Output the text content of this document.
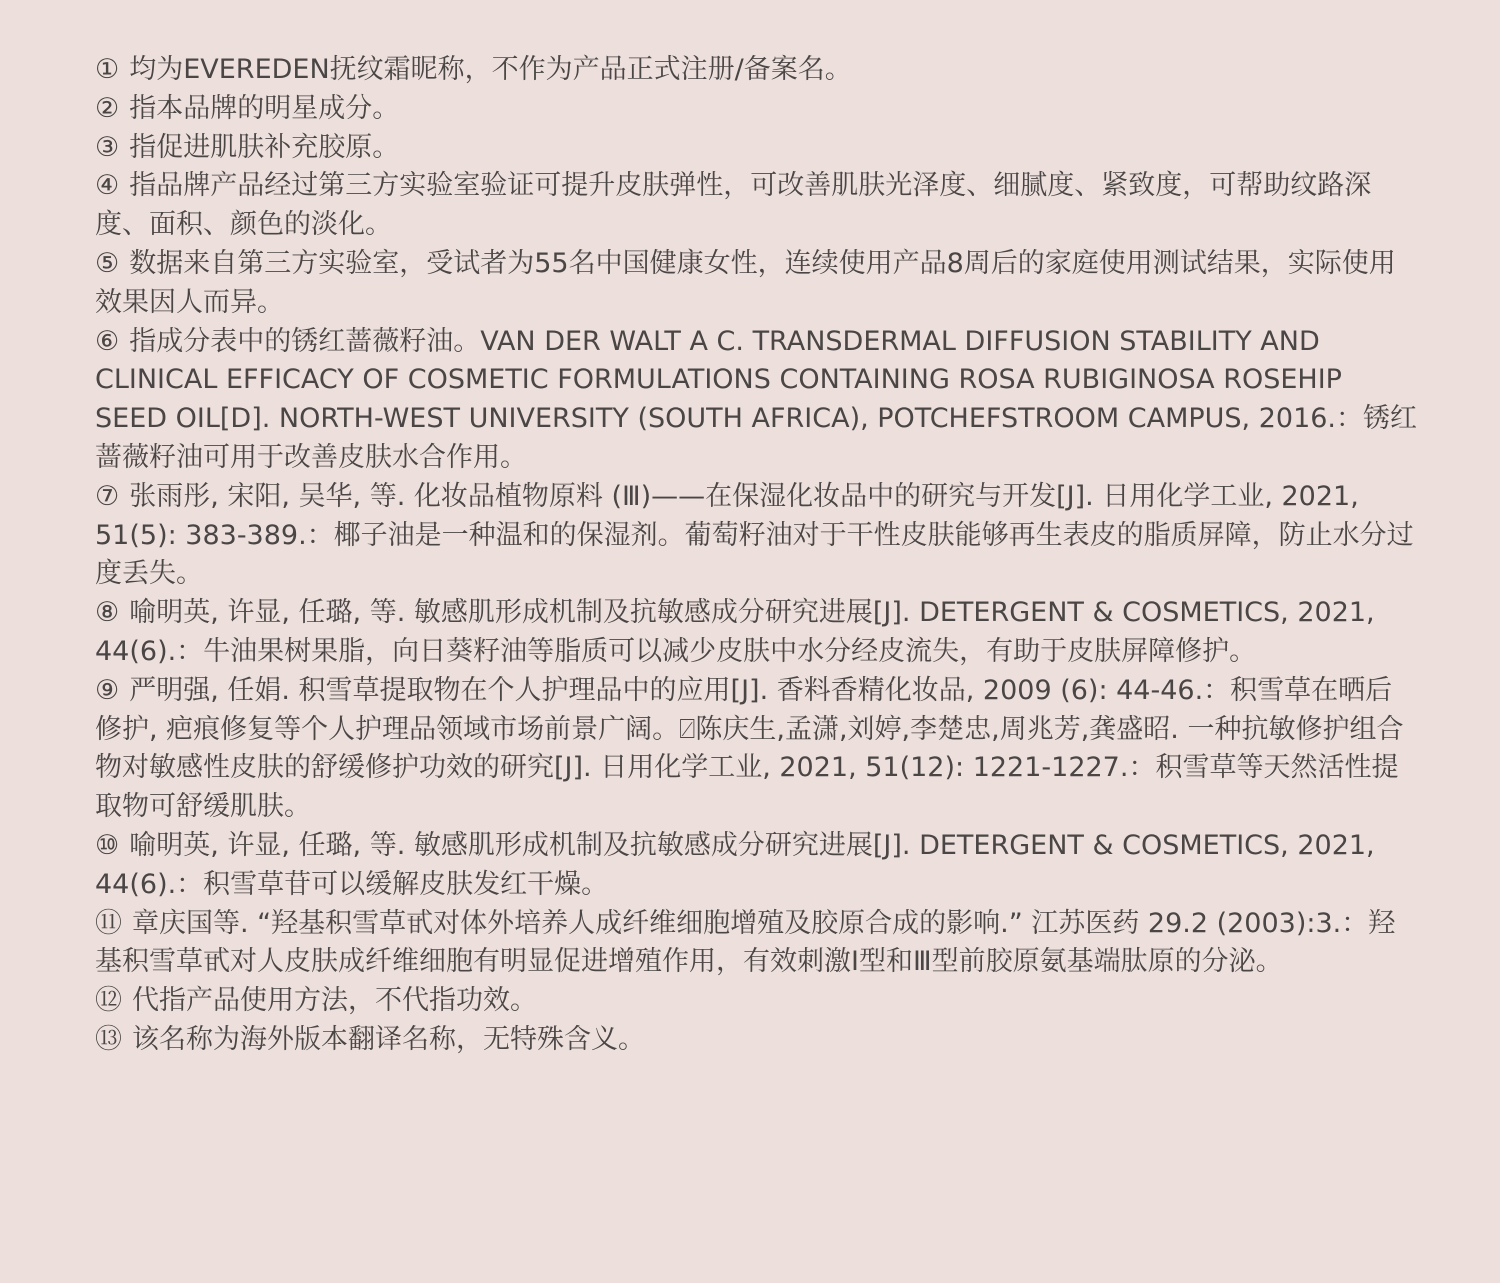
① 均为EVEREDEN抚纹霜昵称，不作为产品正式注册/备案名。
② 指本品牌的明星成分。
③ 指促进肌肤补充胶原。
④ 指品牌产品经过第三方实验室验证可提升皮肤弹性，可改善肌肤光泽度、细腻度、紧致度，可帮助纹路深度、面积、颜色的淡化。
⑤ 数据来自第三方实验室，受试者为55名中国健康女性，连续使用产品8周后的家庭使用测试结果，实际使用效果因人而异。
⑥ 指成分表中的锈红蔷薇籽油。VAN DER WALT A C. TRANSDERMAL DIFFUSION STABILITY AND CLINICAL EFFICACY OF COSMETIC FORMULATIONS CONTAINING ROSA RUBIGINOSA ROSEHIP SEED OIL[D]. NORTH-WEST UNIVERSITY (SOUTH AFRICA), POTCHEFSTROOM CAMPUS, 2016.：锈红蔷薇籽油可用于改善皮肤水合作用。
⑦ 张雨彤, 宋阳, 吴华, 等. 化妆品植物原料 (Ⅲ)——在保湿化妆品中的研究与开发[J]. 日用化学工业, 2021, 51(5): 383-389.：椰子油是一种温和的保湿剂。葡萄籽油对于干性皮肤能够再生表皮的脂质屏障，防止水分过度丢失。
⑧ 喻明英, 许显, 任璐, 等. 敏感肌形成机制及抗敏感成分研究进展[J]. DETERGENT & COSMETICS, 2021, 44(6).：牛油果树果脂，向日葵籽油等脂质可以减少皮肤中水分经皮流失，有助于皮肤屏障修护。
⑨ 严明强, 任娟. 积雪草提取物在个人护理品中的应用[J]. 香料香精化妆品, 2009 (6): 44-46.：积雪草在晒后修护, 疤痕修复等个人护理品领域市场前景广阔。⍁陈庆生,孟潇,刘婷,李楚忠,周兆芳,龚盛昭. 一种抗敏修护组合物对敏感性皮肤的舒缓修护功效的研究[J]. 日用化学工业, 2021, 51(12): 1221-1227.：积雪草等天然活性提取物可舒缓肌肤。
⑩ 喻明英, 许显, 任璐, 等. 敏感肌形成机制及抗敏感成分研究进展[J]. DETERGENT & COSMETICS, 2021, 44(6).：积雪草苷可以缓解皮肤发红干燥。
⑪ 章庆国等. “羟基积雪草甙对体外培养人成纤维细胞增殖及胶原合成的影响.” 江苏医药 29.2 (2003):3.：羟基积雪草甙对人皮肤成纤维细胞有明显促进增殖作用，有效刺激Ⅰ型和Ⅲ型前胶原氨基端肽原的分泌。
⑫ 代指产品使用方法，不代指功效。
⑬ 该名称为海外版本翻译名称，无特殊含义。
